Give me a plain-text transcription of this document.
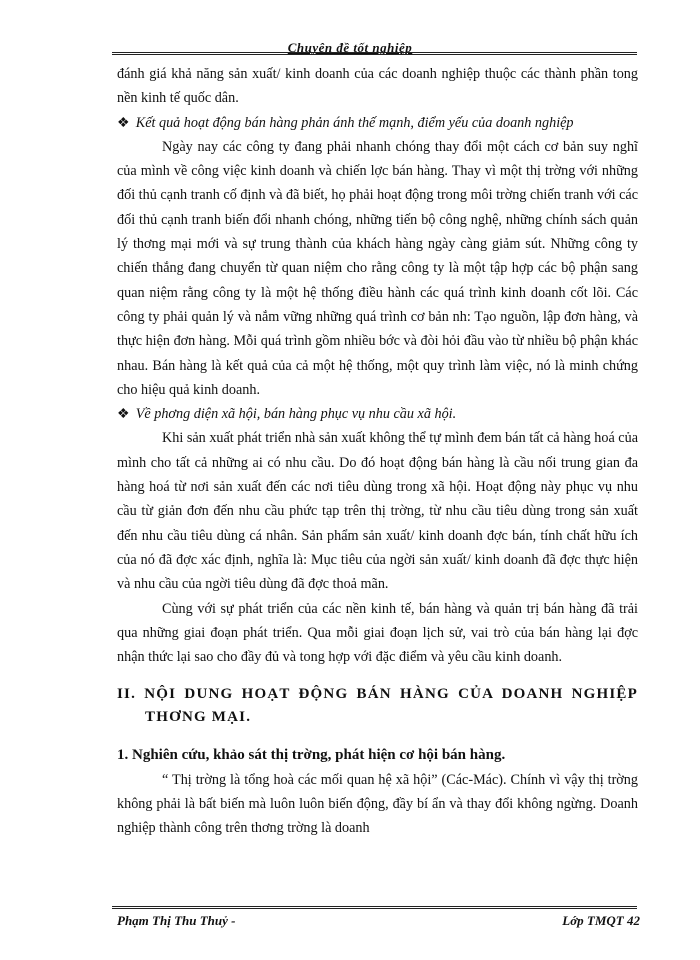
Chuyên đề tốt nghiệp

đánh giá khả năng sản xuất/ kinh doanh của các doanh nghiệp thuộc các thành phần tong nền kinh tế quốc dân.

❖ Kết quả hoạt động bán hàng phản ánh thế mạnh, điểm yếu của doanh nghiệp

Ngày nay các công ty đang phải nhanh chóng thay đổi một cách cơ bản suy nghĩ của mình về công việc kinh doanh và chiến lợc bán hàng. Thay vì một thị trờng với những đối thủ cạnh tranh cố định và đã biết, họ phải hoạt động trong môi trờng chiến tranh với các đối thủ cạnh tranh biến đổi nhanh chóng, những tiến bộ công nghệ, những chính sách quản lý thơng mại mới và sự trung thành của khách hàng ngày càng giảm sút. Những công ty chiến thắng đang chuyển từ quan niệm cho rằng công ty là một tập hợp các bộ phận sang quan niệm rằng công ty là một hệ thống điều hành các quá trình kinh doanh cốt lõi. Các công ty phải quản lý và nắm vững những quá trình cơ bản nh: Tạo nguồn, lập đơn hàng, và thực hiện đơn hàng. Mỗi quá trình gồm nhiều bớc và đòi hỏi đầu vào từ nhiều bộ phận khác nhau. Bán hàng là kết quả của cả một hệ thống, một quy trình làm việc, nó là minh chứng cho hiệu quả kinh doanh.

❖ Về phơng diện xã hội, bán hàng phục vụ nhu cầu xã hội.

Khi sản xuất phát triển nhà sản xuất không thể tự mình đem bán tất cả hàng hoá của mình cho tất cả những ai có nhu cầu. Do đó hoạt động bán hàng là cầu nối trung gian đa hàng hoá từ nơi sản xuất đến các nơi tiêu dùng trong xã hội. Hoạt động này phục vụ nhu cầu từ giản đơn đến nhu cầu phức tạp trên thị trờng, từ nhu cầu tiêu dùng trong sản xuất đến nhu cầu tiêu dùng cá nhân. Sản phẩm sản xuất/ kinh doanh đợc bán, tính chất hữu ích của nó đã đợc xác định, nghĩa là: Mục tiêu của ngời sản xuất/ kinh doanh đã đợc thực hiện và nhu cầu của ngời tiêu dùng đã đợc thoả mãn.

Cùng với sự phát triển của các nền kinh tế, bán hàng và quản trị bán hàng đã trải qua những giai đoạn phát triển. Qua mỗi giai đoạn lịch sử, vai trò của bán hàng lại đợc nhận thức lại sao cho đầy đủ và tong hợp với đặc điểm và yêu cầu kinh doanh.

II. NỘI DUNG HOẠT ĐỘNG BÁN HÀNG CỦA DOANH NGHIỆP THƠNG MẠI.

1. Nghiên cứu, khảo sát thị trờng, phát hiện cơ hội bán hàng.

“ Thị trờng là tổng hoà các mối quan hệ xã hội” (Các-Mác). Chính vì vậy thị trờng không phải là bất biến mà luôn luôn biến động, đầy bí ẩn và thay đổi không ngừng. Doanh nghiệp thành công trên thơng trờng là doanh

Phạm Thị Thu Thuỷ -	Lớp TMQT 42
